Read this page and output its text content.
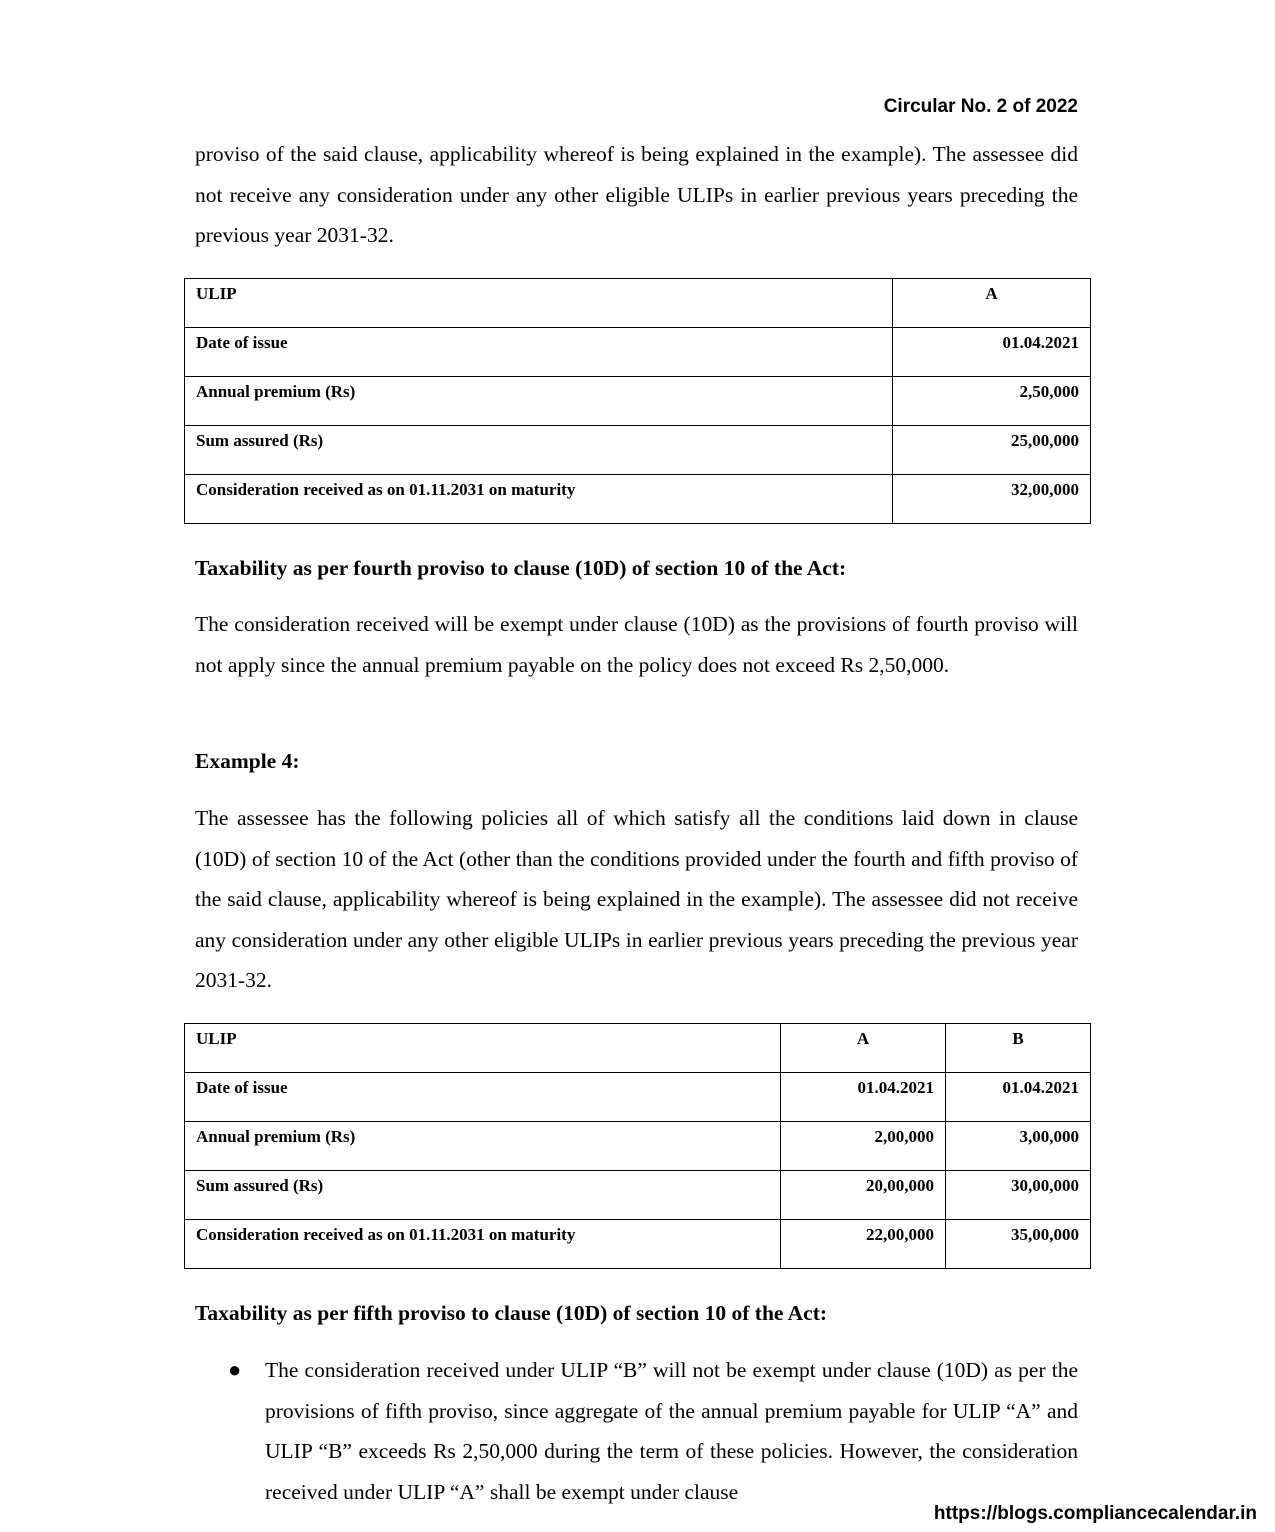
Circular No. 2 of 2022

proviso of the said clause, applicability whereof is being explained in the example). The assessee did not receive any consideration under any other eligible ULIPs in earlier previous years preceding the previous year 2031-32.

ULIP	A
Date of issue	01.04.2021
Annual premium (Rs)	2,50,000
Sum assured (Rs)	25,00,000
Consideration received as on 01.11.2031 on maturity	32,00,000

Taxability as per fourth proviso to clause (10D) of section 10 of the Act:

The consideration received will be exempt under clause (10D) as the provisions of fourth proviso will not apply since the annual premium payable on the policy does not exceed Rs 2,50,000.

Example 4:

The assessee has the following policies all of which satisfy all the conditions laid down in clause (10D) of section 10 of the Act (other than the conditions provided under the fourth and fifth proviso of the said clause, applicability whereof is being explained in the example). The assessee did not receive any consideration under any other eligible ULIPs in earlier previous years preceding the previous year 2031-32.

ULIP	A	B
Date of issue	01.04.2021	01.04.2021
Annual premium (Rs)	2,00,000	3,00,000
Sum assured (Rs)	20,00,000	30,00,000
Consideration received as on 01.11.2031 on maturity	22,00,000	35,00,000

Taxability as per fifth proviso to clause (10D) of section 10 of the Act:

● The consideration received under ULIP “B” will not be exempt under clause (10D) as per the provisions of fifth proviso, since aggregate of the annual premium payable for ULIP “A” and ULIP “B” exceeds Rs 2,50,000 during the term of these policies. However, the consideration received under ULIP “A” shall be exempt under clause

https://blogs.compliancecalendar.in
